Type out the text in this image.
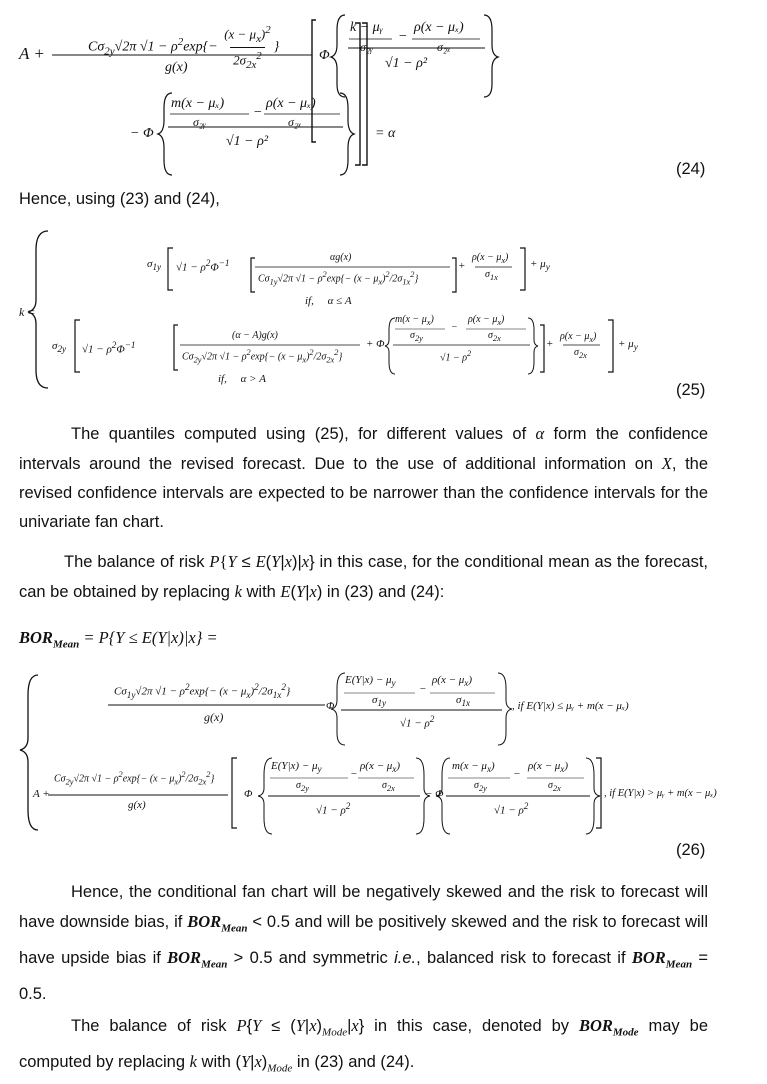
A +	$C\sigma_{2y}√2\pi$ $√1 - \rho^2\exp\{- \frac{(x - \mu_x)^2}{2\sigma_{2x}^2}$ }
g(x)
Φ
k − μᵧ
σ₂ᵧ
−
ρ(x − μₓ)
σ₂ₓ
√1 − ρ²
− Φ
m(x − μₓ)
σ₂ᵧ
−
ρ(x − μₓ)
σ₂ₓ
√1 − ρ²
= α
(24)
Hence, using (23) and (24),
k =
$\sigma_{1y}$ $√1 - \rho^2\Phi^{-1}$	αg(x)
$C\sigma_{1y}√2\pi$ $√1 - \rho^2\exp\{- (x - \mu_x)^2/2\sigma_{1x}^2\}$
+
$\rho(x - \mu_x)$
$\sigma_{1x}$
+ $\mu_y$
if,     α ≤ A
$\sigma_{2y}$ $√1 - \rho^2\Phi^{-1}$
(α − A)g(x)
$C\sigma_{2y}√2\pi$ $√1 - \rho^2\exp\{- (x - \mu_x)^2/2\sigma_{2x}^2\}$
+ Φ
$m(x - \mu_x)$
$\sigma_{2y}$
−
$\rho(x - \mu_x)$
$\sigma_{2x}$
$√1 - \rho^2$
+
$\rho(x - \mu_x)$
$\sigma_{2x}$
+ $\mu_y$
if,     α > A
(25)
The quantiles computed using (25), for different values of α form the confidence intervals around the revised forecast. Due to the use of additional information on X, the revised confidence intervals are expected to be narrower than the confidence intervals for the univariate fan chart.
The balance of risk P{Y ≤ E(Y|x)|x} in this case, for the conditional mean as the forecast, can be obtained by replacing k with E(Y|x) in (23) and (24):
$BOR_{Mean} = P\{Y \le E(Y|x)|x\}$ =
$C\sigma_{1y}√2\pi$ $√1 - \rho^2\exp\{- (x - \mu_x)^2/2\sigma_{1x}^2\}$
g(x)
Φ
$E(Y|x) - \mu_y$
$\sigma_{1y}$
−
$\rho(x - \mu_x)$
$\sigma_{1x}$
$√1 - \rho^2$
, if E(Y|x) ≤ μᵧ + m(x − μₓ)
A +
$C\sigma_{2y}√2\pi$ $√1 - \rho^2\exp\{- (x - \mu_x)^2/2\sigma_{2x}^2\}$
g(x)
Φ
$E(Y|x) - \mu_y$
$\sigma_{2y}$
−
$\rho(x - \mu_x)$
$\sigma_{2x}$
$√1 - \rho^2$
− Φ
$m(x - \mu_x)$
$\sigma_{2y}$
−
$\rho(x - \mu_x)$
$\sigma_{2x}$
$√1 - \rho^2$
, if E(Y|x) > μᵧ + m(x − μₓ)
(26)
Hence, the conditional fan chart will be negatively skewed and the risk to forecast will have downside bias, if $BOR_{Mean} < 0.5$ and will be positively skewed and the risk to forecast will have upside bias if $BOR_{Mean} > 0.5$ and symmetric i.e., balanced risk to forecast if $BOR_{Mean} = 0.5$.
The balance of risk $P\{Y \le (Y|x)_{Mode}|x\}$ in this case, denoted by $BOR_{Mode}$ may be computed by replacing k with $(Y|x)_{Mode}$ in (23) and (24).
